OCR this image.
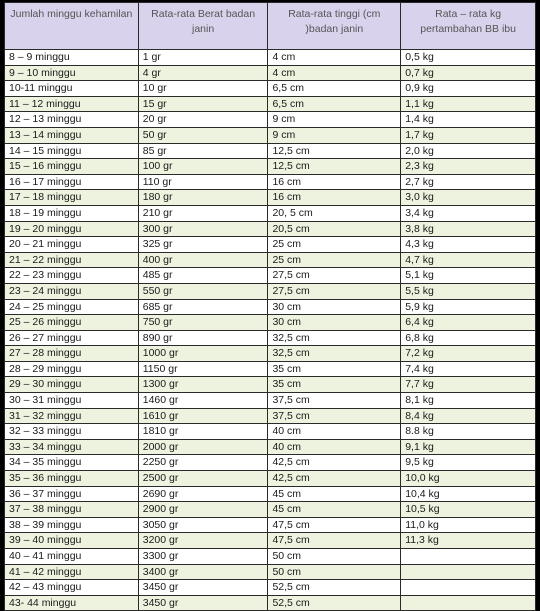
Jumlah minggu kehamilan	Rata-rata Berat badan janin	Rata-rata tinggi (cm )badan janin	Rata – rata kg pertambahan BB ibu
8 – 9 minggu	1 gr	4 cm	0,5 kg
9 – 10 minggu	4 gr	4 cm	0,7 kg
10-11 minggu	10 gr	6,5 cm	0,9 kg
11 – 12 minggu	15 gr	6,5 cm	1,1 kg
12 – 13 minggu	20 gr	9 cm	1,4 kg
13 – 14 minggu	50 gr	9 cm	1,7 kg
14 – 15 minggu	85 gr	12,5 cm	2,0 kg
15 – 16 minggu	100 gr	12,5 cm	2,3 kg
16 – 17 minggu	110 gr	16 cm	2,7 kg
17 – 18 minggu	180 gr	16 cm	3,0 kg
18 – 19 minggu	210 gr	20, 5 cm	3,4 kg
19 – 20 minggu	300 gr	20,5 cm	3,8 kg
20 – 21 minggu	325 gr	25 cm	4,3 kg
21 – 22 minggu	400 gr	25 cm	4,7 kg
22 – 23 minggu	485 gr	27,5 cm	5,1 kg
23 – 24 minggu	550 gr	27,5 cm	5,5 kg
24 – 25 minggu	685 gr	30 cm	5,9 kg
25 – 26 minggu	750 gr	30 cm	6,4 kg
26 – 27 minggu	890 gr	32,5 cm	6,8 kg
27 – 28 minggu	1000 gr	32,5 cm	7,2 kg
28 – 29 minggu	1150 gr	35 cm	7,4 kg
29 – 30 minggu	1300 gr	35 cm	7,7 kg
30 – 31 minggu	1460 gr	37,5 cm	8,1 kg
31 – 32 minggu	1610 gr	37,5 cm	8,4 kg
32 – 33 minggu	1810 gr	40 cm	8.8 kg
33 – 34 minggu	2000 gr	40 cm	9,1 kg
34 – 35 minggu	2250 gr	42,5 cm	9,5 kg
35 – 36 minggu	2500 gr	42,5 cm	10,0 kg
36 – 37 minggu	2690 gr	45 cm	10,4 kg
37 – 38 minggu	2900 gr	45 cm	10,5 kg
38 – 39 minggu	3050 gr	47,5 cm	11,0 kg
39 – 40 minggu	3200 gr	47,5 cm	11,3 kg
40 – 41 minggu	3300 gr	50 cm	
41 – 42 minggu	3400 gr	50 cm	
42 – 43 minggu	3450 gr	52,5 cm	
43- 44 minggu	3450 gr	52,5 cm	
